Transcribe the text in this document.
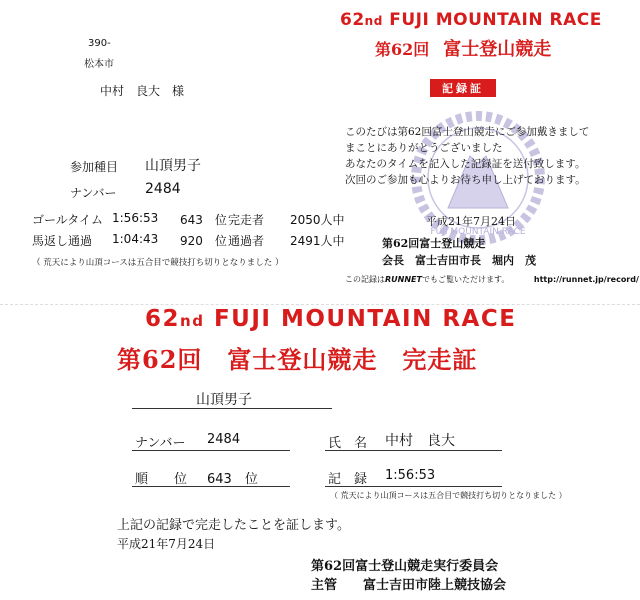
390-
松本市
中村　良大　様
62nd FUJI MOUNTAIN RACE
第62回 富士登山競走
記録証
FUJI MOUNTAIN RACE
このたびは第62回富士登山競走にご参加戴きまして
まことにありがとうございました
あなたのタイムを記入した記録証を送付致します。
次回のご参加も心よりお待ち申し上げております。
平成21年7月24日
第62回富士登山競走
会長　富士吉田市長　 堀内　茂
この記録はRUNNETでもご覧いただけます。	http://runnet.jp/record/
参加種目 山頂男子
ナンバー 2484
ゴールタイム 1:56:53 643　 位 完走者 2050人中
馬返し通過 1:04:43 920　 位 通過者 2491人中
（ 荒天により山頂コースは五合目で競技打ち切りとなりました ）
62nd FUJI MOUNTAIN RACE
第62回　富士登山競走　完走証
山頂男子
ナンバー 2484	氏　名 中村　良大
順　　位 643　 位	記　録 1:56:53
（ 荒天により山頂コースは五合目で競技打ち切りとなりました ）
上記の記録で完走したことを証します。
平成21年7月24日
第62回富士登山競走実行委員会
主管　　富士吉田市陸上競技協会
